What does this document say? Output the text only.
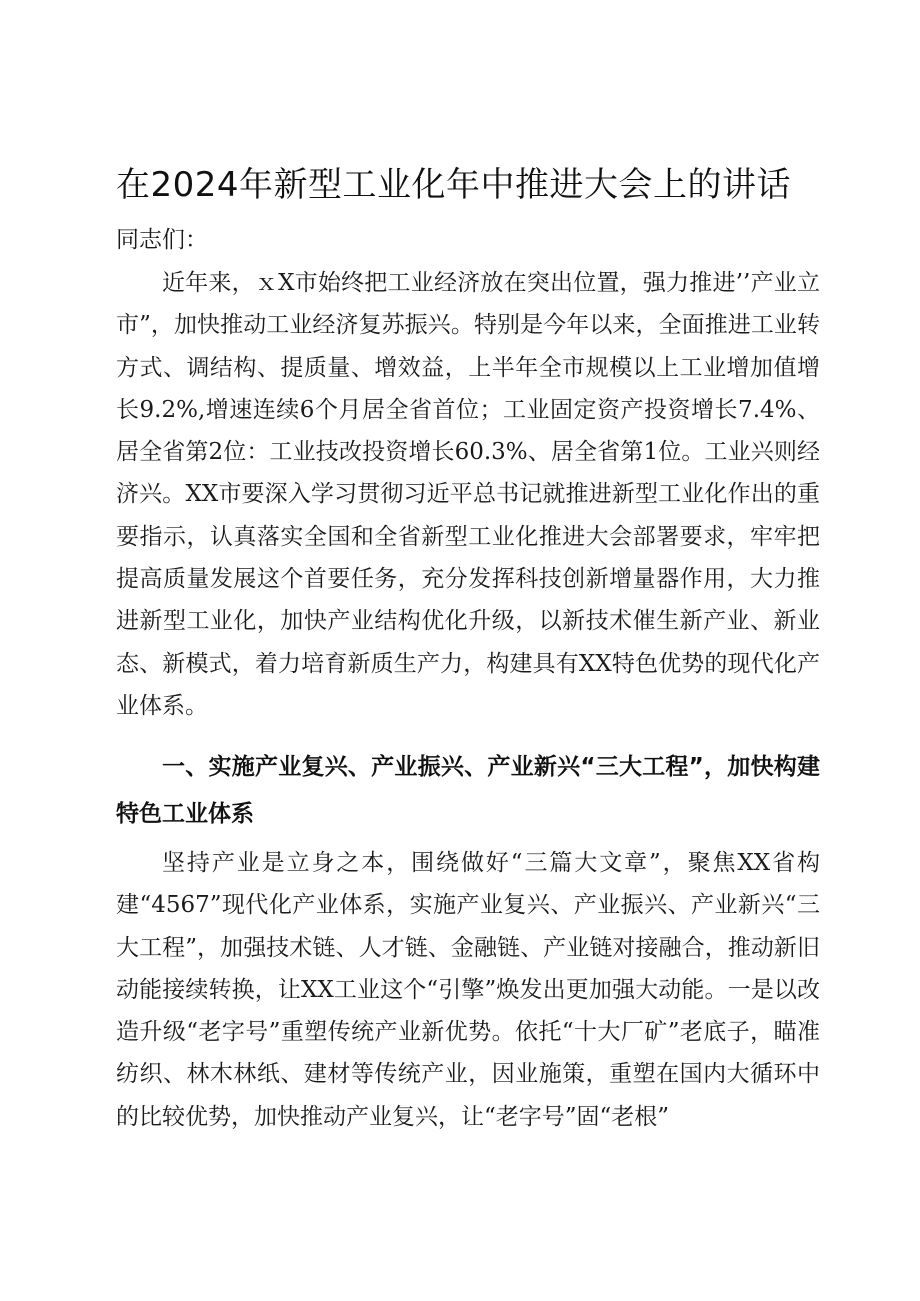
在2024年新型工业化年中推进大会上的讲话

同志们：

近年来，ｘX市始终把工业经济放在突出位置，强力推进’’产业立市”，加快推动工业经济复苏振兴。特别是今年以来，全面推进工业转方式、调结构、提质量、增效益，上半年全市规模以上工业增加值增长9.2%,增速连续6个月居全省首位；工业固定资产投资增长7.4%、居全省第2位：工业技改投资增长60.3%、居全省第1位。工业兴则经济兴。XX市要深入学习贯彻习近平总书记就推进新型工业化作出的重要指示，认真落实全国和全省新型工业化推进大会部署要求，牢牢把提高质量发展这个首要任务，充分发挥科技创新增量器作用，大力推进新型工业化，加快产业结构优化升级，以新技术催生新产业、新业态、新模式，着力培育新质生产力，构建具有XX特色优势的现代化产业体系。

一、实施产业复兴、产业振兴、产业新兴“三大工程”，加快构建特色工业体系

坚持产业是立身之本，围绕做好“三篇大文章”，聚焦XX省构建“4567”现代化产业体系，实施产业复兴、产业振兴、产业新兴“三大工程”，加强技术链、人才链、金融链、产业链对接融合，推动新旧动能接续转换，让XX工业这个“引擎”焕发出更加强大动能。一是以改造升级“老字号”重塑传统产业新优势。依托“十大厂矿”老底子，瞄准纺织、林木林纸、建材等传统产业，因业施策，重塑在国内大循环中的比较优势，加快推动产业复兴，让“老字号”固“老根”
